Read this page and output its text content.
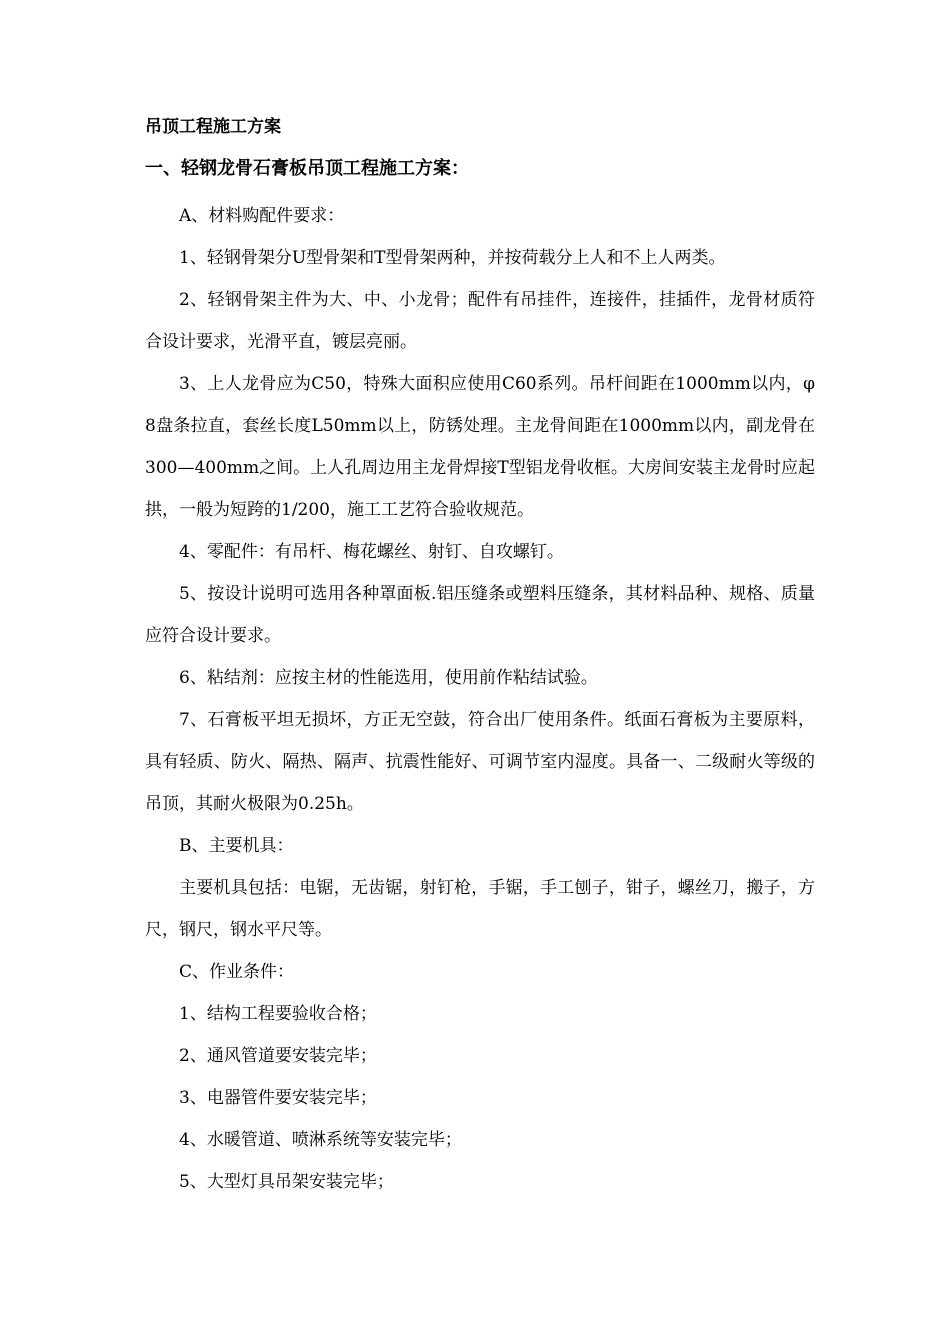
吊顶工程施工方案
一、轻钢龙骨石膏板吊顶工程施工方案：

A、材料购配件要求：

1、轻钢骨架分U型骨架和T型骨架两种，并按荷载分上人和不上人两类。

2、轻钢骨架主件为大、中、小龙骨；配件有吊挂件，连接件，挂插件，龙骨材质符合设计要求，光滑平直，镀层亮丽。

3、上人龙骨应为C50，特殊大面积应使用C60系列。吊杆间距在1000mm以内，φ8盘条拉直，套丝长度L50mm以上，防锈处理。主龙骨间距在1000mm以内，副龙骨在300—400mm之间。上人孔周边用主龙骨焊接T型铝龙骨收框。大房间安装主龙骨时应起拱，一般为短跨的1/200，施工工艺符合验收规范。

4、零配件：有吊杆、梅花螺丝、射钉、自攻螺钉。

5、按设计说明可选用各种罩面板.铝压缝条或塑料压缝条，其材料品种、规格、质量应符合设计要求。

6、粘结剂：应按主材的性能选用，使用前作粘结试验。

7、石膏板平坦无损坏，方正无空鼓，符合出厂使用条件。纸面石膏板为主要原料，具有轻质、防火、隔热、隔声、抗震性能好、可调节室内湿度。具备一、二级耐火等级的吊顶，其耐火极限为0.25h。

B、主要机具：

主要机具包括：电锯，无齿锯，射钉枪，手锯，手工刨子，钳子，螺丝刀，搬子，方尺，钢尺，钢水平尺等。

C、作业条件：

1、结构工程要验收合格；

2、通风管道要安装完毕；

3、电器管件要安装完毕；

4、水暖管道、喷淋系统等安装完毕；

5、大型灯具吊架安装完毕；
